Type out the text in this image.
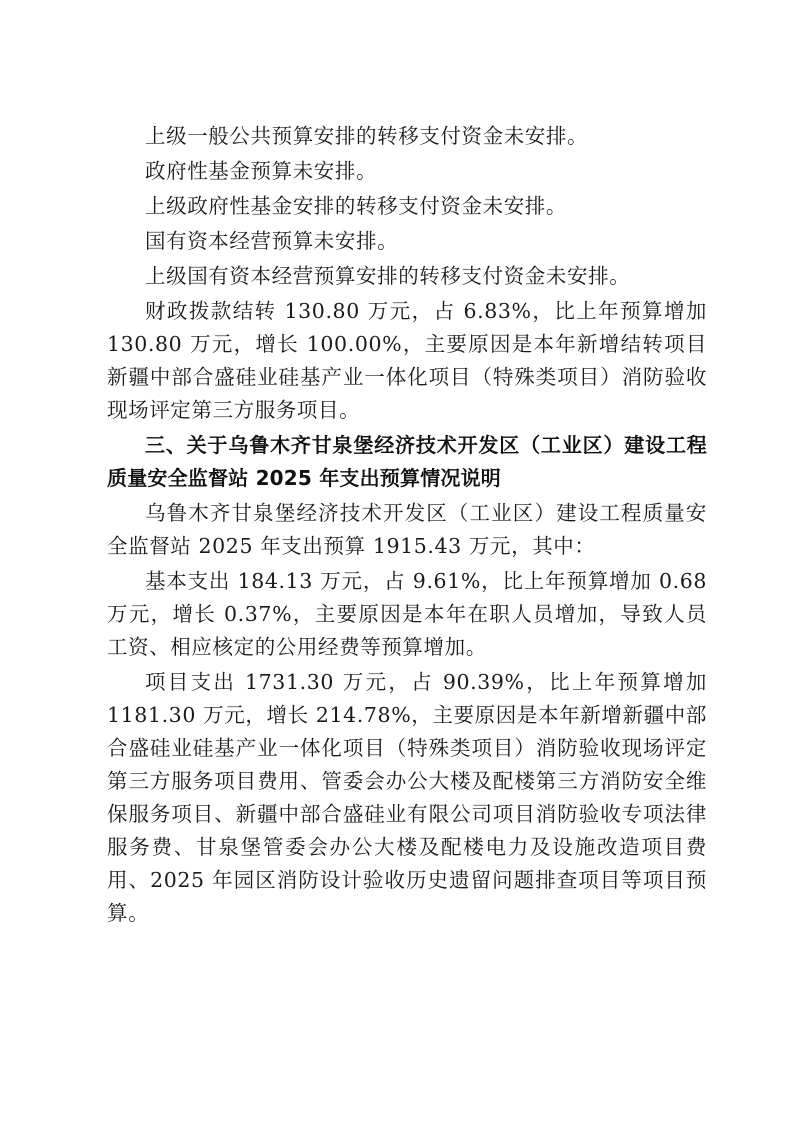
上级一般公共预算安排的转移支付资金未安排。

政府性基金预算未安排。

上级政府性基金安排的转移支付资金未安排。

国有资本经营预算未安排。

上级国有资本经营预算安排的转移支付资金未安排。

财政拨款结转 130.80 万元，占 6.83%，比上年预算增加 130.80 万元，增长 100.00%，主要原因是本年新增结转项目新疆中部合盛硅业硅基产业一体化项目（特殊类项目）消防验收现场评定第三方服务项目。

三、关于乌鲁木齐甘泉堡经济技术开发区（工业区）建设工程质量安全监督站 2025 年支出预算情况说明

乌鲁木齐甘泉堡经济技术开发区（工业区）建设工程质量安全监督站 2025 年支出预算 1915.43 万元，其中：

基本支出 184.13 万元，占 9.61%，比上年预算增加 0.68 万元，增长 0.37%，主要原因是本年在职人员增加，导致人员工资、相应核定的公用经费等预算增加。

项目支出 1731.30 万元，占 90.39%，比上年预算增加 1181.30 万元，增长 214.78%，主要原因是本年新增新疆中部合盛硅业硅基产业一体化项目（特殊类项目）消防验收现场评定第三方服务项目费用、管委会办公大楼及配楼第三方消防安全维保服务项目、新疆中部合盛硅业有限公司项目消防验收专项法律服务费、甘泉堡管委会办公大楼及配楼电力及设施改造项目费用、2025 年园区消防设计验收历史遗留问题排查项目等项目预算。
